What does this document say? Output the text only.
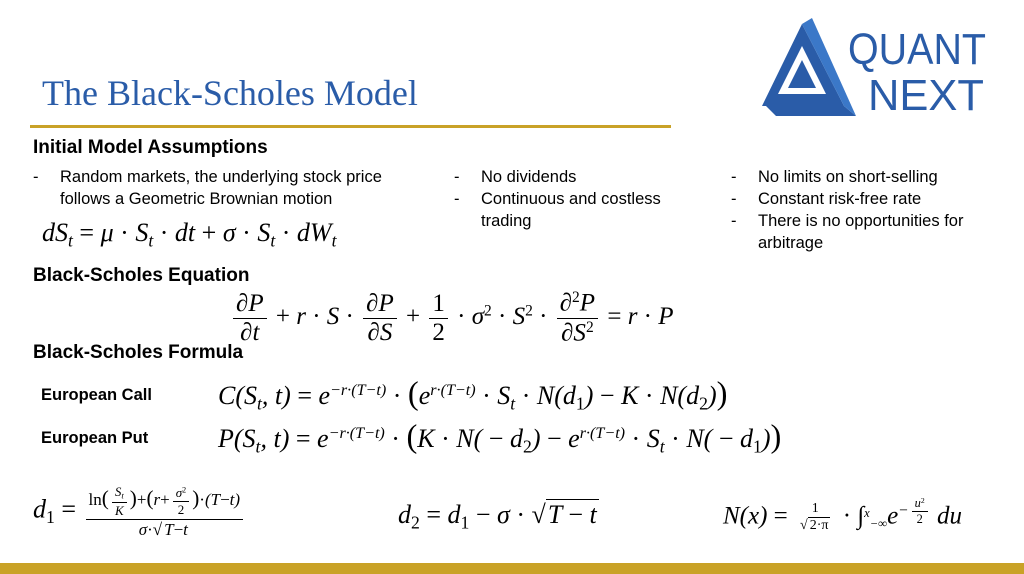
The Black-Scholes Model
QUANT
NEXT
Initial Model Assumptions
- Random markets, the underlying stock price follows a Geometric Brownian motion
- No dividends
- Continuous and costless trading
- No limits on short-selling
- Constant risk-free rate
- There is no opportunities for arbitrage
$dS_t = \mu \cdot S_t$ · dt + $\sigma \cdot S_t \cdot dW_t$
Black-Scholes Equation
$\frac{\partial P}{\partial t} + r \cdot S \cdot \frac{\partial P}{\partial S} + \frac{1}{2} \cdot \sigma^2 \cdot S^2 \cdot \frac{\partial^2P}{\partial S^2} = r \cdot P$
Black-Scholes Formula
European Call	$C(S_t$, $t) = e^{-r\cdot(T-t)} \cdot (e^{r\cdot(T-t)} \cdot S_t \cdot N(d_1) - K \cdot N(d_2))$
European Put	$P(S_t$, $t) = e^{-r\cdot(T-t)} \cdot (K \cdot N( - d_2) - e^{r\cdot(T-t)} \cdot S_t \cdot N( - d_1))$
$d_1 = \frac{\ln( \frac{S_t}{K} )+(r+ \frac{\sigma^2}{2} )\cdot(T-t)}{\sigma\cdot√ T-t}$	$d_2 = d_1 - \sigma \cdot √T - t$	$N(x) = \frac{1}{√ 2\cdot\pi} \cdot \int^x_{-\infty}e^{- \frac{u^2}{2}}$ du
